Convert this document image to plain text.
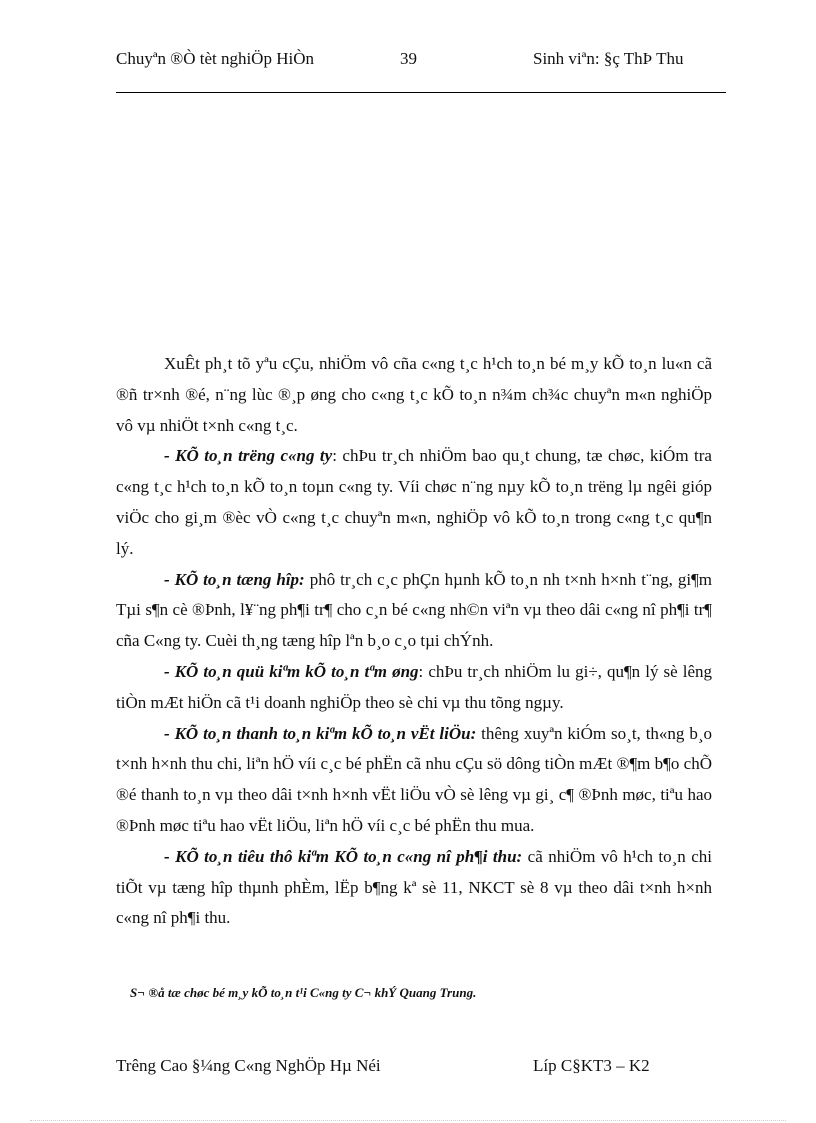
Chuyªn ®Ò tèt nghiÖp HiÒn	39	Sinh viªn: §ç ThÞ Thu

XuÊt ph¸t tõ yªu cÇu, nhiÖm vô cña c«ng t¸c h¹ch to¸n bé m¸y kÕ to¸n lu«n cã ®ñ tr×nh ®é, n¨ng lùc ®¸p øng cho c«ng t¸c kÕ to¸n n¾m ch¾c chuyªn m«n nghiÖp vô vµ nhiÖt t×nh c«ng t¸c.

- KÕ to¸n trëng c«ng ty: chÞu tr¸ch nhiÖm bao qu¸t chung, tæ chøc, kiÓm tra c«ng t¸c h¹ch to¸n kÕ to¸n toµn c«ng ty. Víi chøc n¨ng nµy kÕ to¸n trëng lµ ngêi gióp viÖc cho gi¸m ®èc vÒ c«ng t¸c chuyªn m«n, nghiÖp vô kÕ to¸n trong c«ng t¸c qu¶n lý.

- KÕ to¸n tæng hîp: phô tr¸ch c¸c phÇn hµnh kÕ to¸n nh t×nh h×nh t¨ng, gi¶m Tµi s¶n cè ®Þnh, l¥¨ng ph¶i tr¶ cho c¸n bé c«ng nh©n viªn vµ theo dâi c«ng nî ph¶i tr¶ cña C«ng ty. Cuèi th¸ng tæng hîp lªn b¸o c¸o tµi chÝnh.

- KÕ to¸n quü kiªm kÕ to¸n tªm øng: chÞu tr¸ch nhiÖm lu gi÷, qu¶n lý sè lêng tiÒn mÆt hiÖn cã t¹i doanh nghiÖp theo sè chi vµ thu tõng ngµy.

- KÕ to¸n thanh to¸n kiªm kÕ to¸n vËt liÖu: thêng xuyªn kiÓm so¸t, th«ng b¸o t×nh h×nh thu chi, liªn hÖ víi c¸c bé phËn cã nhu cÇu sö dông tiÒn mÆt ®¶m b¶o chÕ ®é thanh to¸n vµ theo dâi t×nh h×nh vËt liÖu vÒ sè lêng vµ gi¸ c¶ ®Þnh møc, tiªu hao ®Þnh møc tiªu hao vËt liÖu, liªn hÖ víi c¸c bé phËn thu mua.

- KÕ to¸n tiêu thô kiªm KÕ to¸n c«ng nî ph¶i thu: cã nhiÖm vô h¹ch to¸n chi tiÕt vµ tæng hîp thµnh phÈm, lËp b¶ng kª sè 11, NKCT sè 8 vµ theo dâi t×nh h×nh c«ng nî ph¶i thu.

S¬ ®å tæ chøc bé m¸y kÕ to¸n t¹i C«ng ty C¬ khÝ Quang Trung.
Trêng Cao §¼ng C«ng NghÖp Hµ Néi	Líp C§KT3 – K2
